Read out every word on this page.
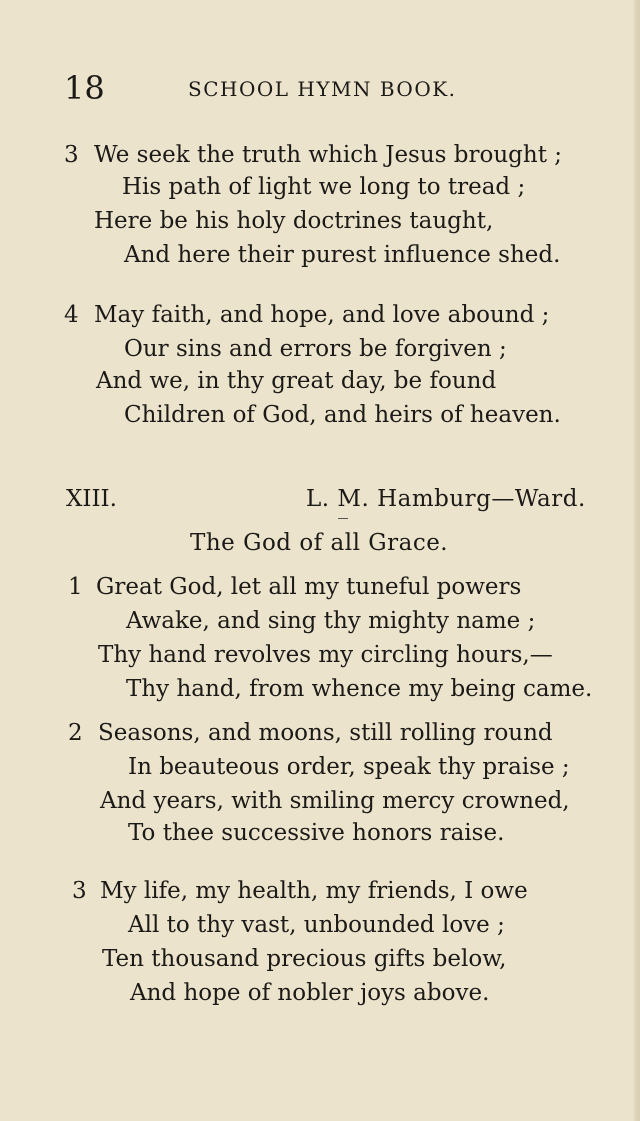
18	SCHOOL HYMN BOOK.
3 We seek the truth which Jesus brought ;
His path of light we long to tread ;
Here be his holy doctrines taught,
And here their purest influence shed.
4 May faith, and hope, and love abound ;
Our sins and errors be forgiven ;
And we, in thy great day, be found
Children of God, and heirs of heaven.
XIII.	L. M. Hamburg—Ward.
The God of all Grace.
1 Great God, let all my tuneful powers
Awake, and sing thy mighty name ;
Thy hand revolves my circling hours,—
Thy hand, from whence my being came.
2 Seasons, and moons, still rolling round
In beauteous order, speak thy praise ;
And years, with smiling mercy crowned,
To thee successive honors raise.
3 My life, my health, my friends, I owe
All to thy vast, unbounded love ;
Ten thousand precious gifts below,
And hope of nobler joys above.
